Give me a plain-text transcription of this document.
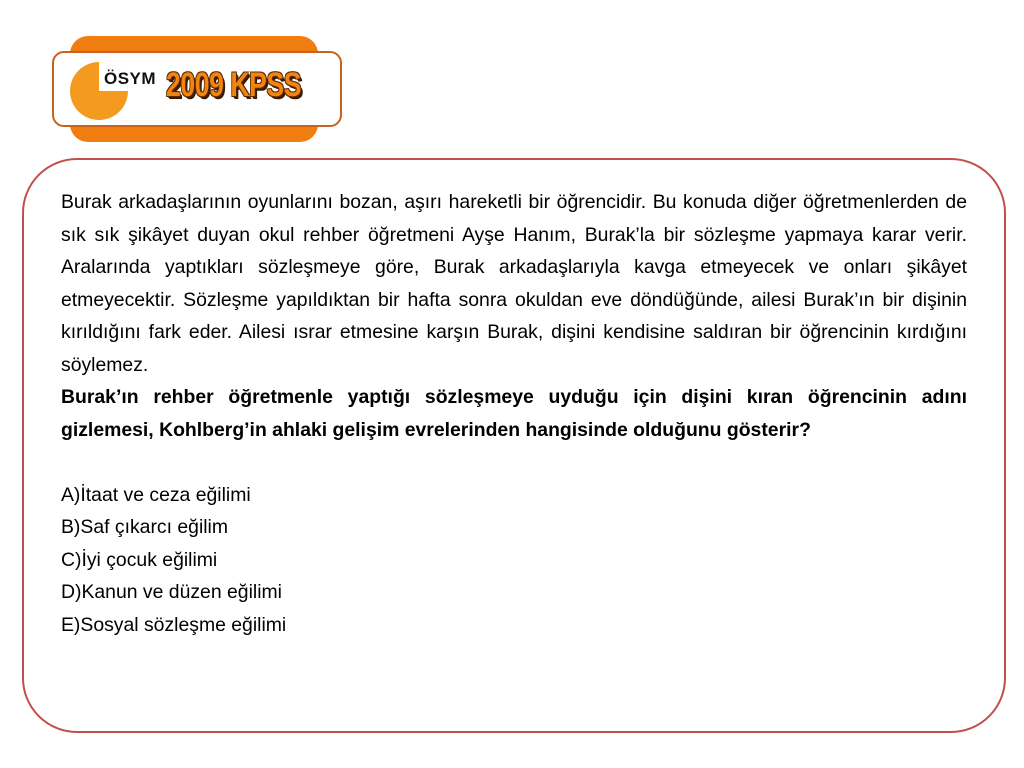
ÖSYM 2009 KPSS

Burak arkadaşlarının oyunlarını bozan, aşırı hareketli bir öğrencidir. Bu konuda diğer öğretmenlerden de sık sık şikâyet duyan okul rehber öğretmeni Ayşe Hanım, Burak’la bir sözleşme yapmaya karar verir. Aralarında yaptıkları sözleşmeye göre, Burak arkadaşlarıyla kavga etmeyecek ve onları şikâyet etmeyecektir. Sözleşme yapıldıktan bir hafta sonra okuldan eve döndüğünde, ailesi Burak’ın bir dişinin kırıldığını fark eder. Ailesi ısrar etmesine karşın Burak, dişini kendisine saldıran bir öğrencinin kırdığını söylemez.

Burak’ın rehber öğretmenle yaptığı sözleşmeye uyduğu için dişini kıran öğrencinin adını gizlemesi, Kohlberg’in ahlaki gelişim evrelerinden hangisinde olduğunu gösterir?

A)İtaat ve ceza eğilimi

B)Saf çıkarcı eğilim

C)İyi çocuk eğilimi

D)Kanun ve düzen eğilimi

E)Sosyal sözleşme eğilimi
